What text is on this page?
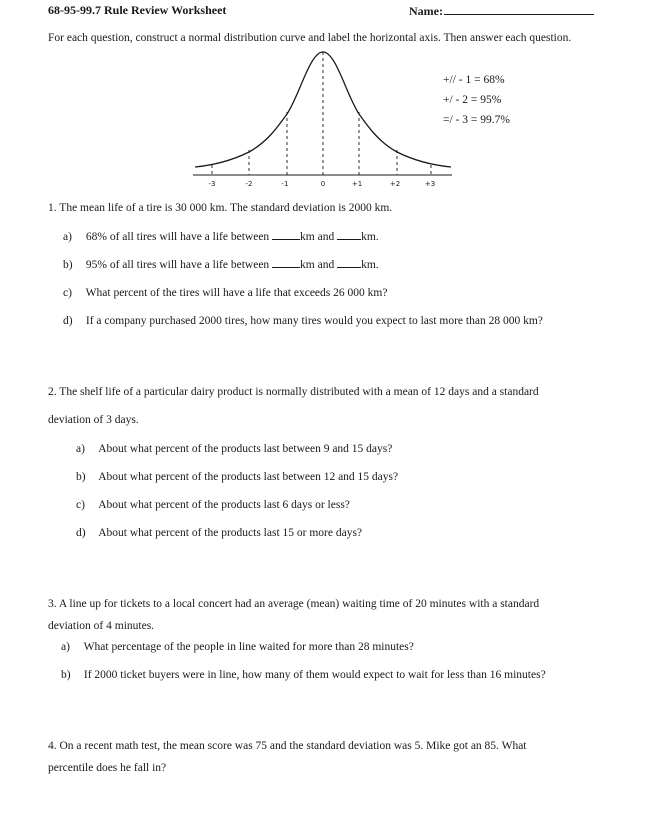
68-95-99.7 Rule Review Worksheet	Name:
For each question, construct a normal distribution curve and label the horizontal axis. Then answer each question.
-3	-2	-1	0	+1	+2	+3
+// - 1 = 68%
+/ - 2 = 95%
=/ - 3 = 99.7%
1. The mean life of a tire is 30 000 km. The standard deviation is 2000 km.
a) 68% of all tires will have a life between	km and km.
b) 95% of all tires will have a life between	km and km.
c) What percent of the tires will have a life that exceeds 26 000 km?
d) If a company purchased 2000 tires, how many tires would you expect to last more than 28 000 km?
2. The shelf life of a particular dairy product is normally distributed with a mean of 12 days and a standard
deviation of 3 days.
a) About what percent of the products last between 9 and 15 days?
b) About what percent of the products last between 12 and 15 days?
c) About what percent of the products last 6 days or less?
d) About what percent of the products last 15 or more days?
3. A line up for tickets to a local concert had an average (mean) waiting time of 20 minutes with a standard
deviation of 4 minutes.
a) What percentage of the people in line waited for more than 28 minutes?
b) If 2000 ticket buyers were in line, how many of them would expect to wait for less than 16 minutes?
4. On a recent math test, the mean score was 75 and the standard deviation was 5. Mike got an 85. What
percentile does he fall in?
